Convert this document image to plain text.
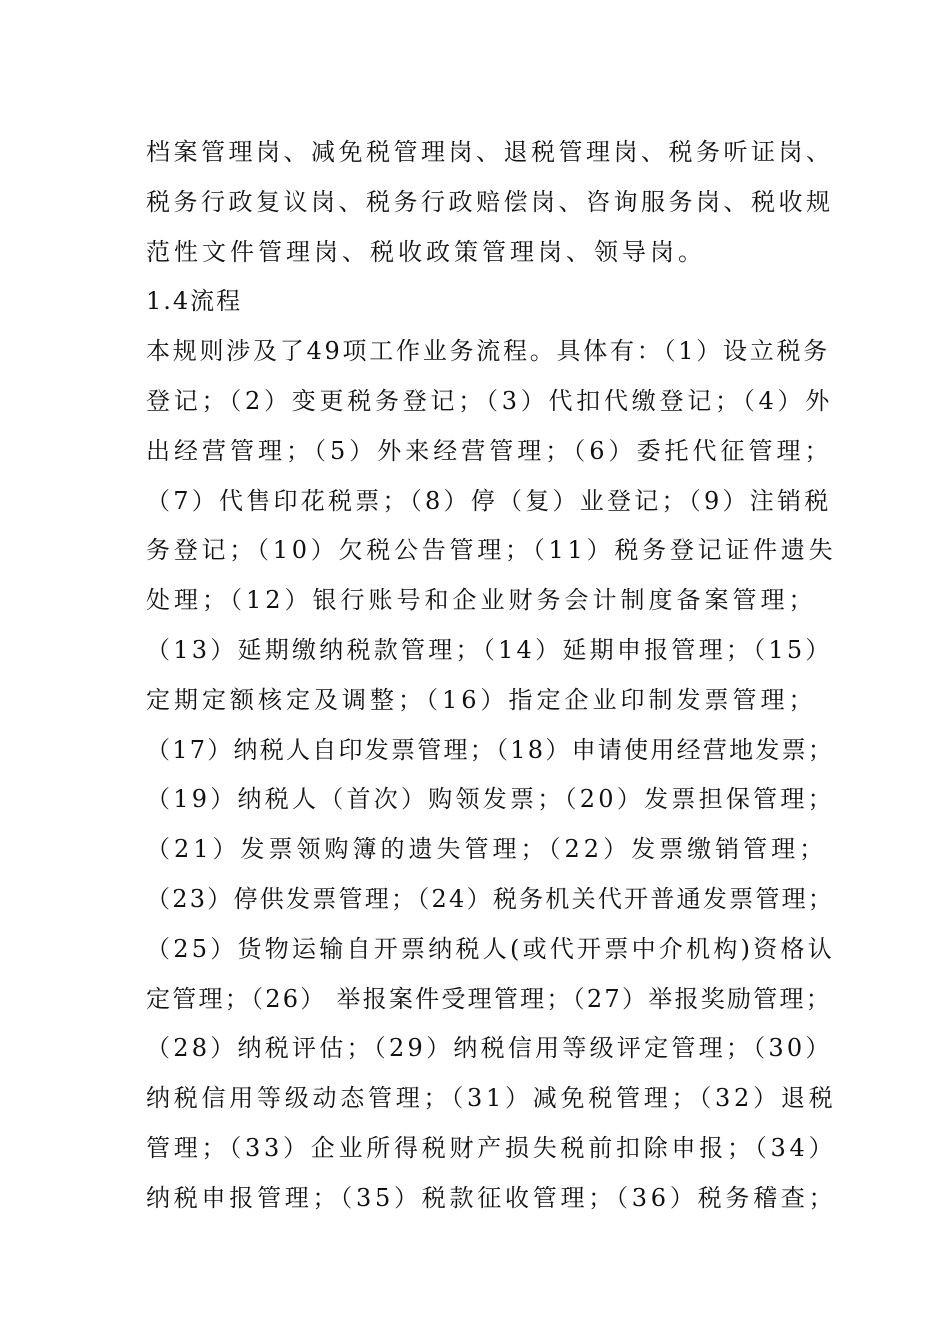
档案管理岗、减免税管理岗、退税管理岗、税务听证岗、
税务行政复议岗、税务行政赔偿岗、咨询服务岗、税收规
范性文件管理岗、税收政策管理岗、领导岗。
1.4流程
本规则涉及了49项工作业务流程。具体有：（1）设立税务
登记；（2）变更税务登记；（3）代扣代缴登记；（4）外
出经营管理；（5）外来经营管理；（6）委托代征管理；
（7）代售印花税票；（8）停（复）业登记；（9）注销税
务登记；（10）欠税公告管理；（11）税务登记证件遗失
处理；（12）银行账号和企业财务会计制度备案管理；
（13）延期缴纳税款管理；（14）延期申报管理；（15）
定期定额核定及调整；（16）指定企业印制发票管理；
（17）纳税人自印发票管理；（18）申请使用经营地发票；
（19）纳税人（首次）购领发票；（20）发票担保管理；
（21）发票领购簿的遗失管理；（22）发票缴销管理；
（23）停供发票管理；（24）税务机关代开普通发票管理；
（25）货物运输自开票纳税人(或代开票中介机构)资格认
定管理；（26） 举报案件受理管理；（27）举报奖励管理；
（28）纳税评估；（29）纳税信用等级评定管理；（30）
纳税信用等级动态管理；（31）减免税管理；（32）退税
管理；（33）企业所得税财产损失税前扣除申报；（34）
纳税申报管理；（35）税款征收管理；（36）税务稽查；
